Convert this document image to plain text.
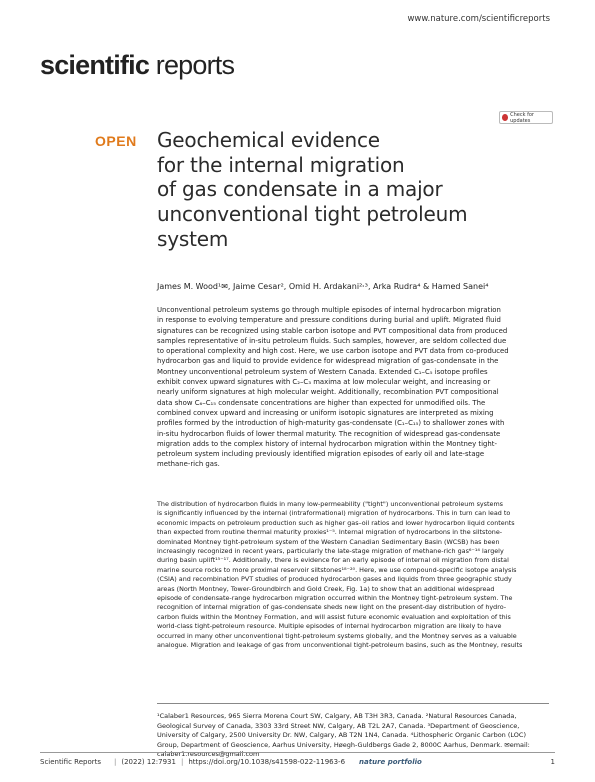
www.nature.com/scientificreports
scientific reports
Check for updates
OPEN Geochemical evidence
for the internal migration
of gas condensate in a major
unconventional tight petroleum
system
James M. Wood¹✉, Jaime Cesar², Omid H. Ardakani²˒³, Arka Rudra⁴ & Hamed Sanei⁴
Unconventional petroleum systems go through multiple episodes of internal hydrocarbon migration
in response to evolving temperature and pressure conditions during burial and uplift. Migrated fluid
signatures can be recognized using stable carbon isotope and PVT compositional data from produced
samples representative of in-situ petroleum fluids. Such samples, however, are seldom collected due
to operational complexity and high cost. Here, we use carbon isotope and PVT data from co-produced
hydrocarbon gas and liquid to provide evidence for widespread migration of gas-condensate in the
Montney unconventional petroleum system of Western Canada. Extended C₁–C₅ isotope profiles
exhibit convex upward signatures with C₂–C₃ maxima at low molecular weight, and increasing or
nearly uniform signatures at high molecular weight. Additionally, recombination PVT compositional
data show C₆–C₁₅ condensate concentrations are higher than expected for unmodified oils. The
combined convex upward and increasing or uniform isotopic signatures are interpreted as mixing
profiles formed by the introduction of high-maturity gas-condensate (C₁–C₁₅) to shallower zones with
in-situ hydrocarbon fluids of lower thermal maturity. The recognition of widespread gas-condensate
migration adds to the complex history of internal hydrocarbon migration within the Montney tight-
petroleum system including previously identified migration episodes of early oil and late-stage
methane-rich gas.
The distribution of hydrocarbon fluids in many low-permeability ("tight") unconventional petroleum systems
is significantly influenced by the internal (intraformational) migration of hydrocarbons. This in turn can lead to
economic impacts on petroleum production such as higher gas–oil ratios and lower hydrocarbon liquid contents
than expected from routine thermal maturity proxies¹⁻⁵. Internal migration of hydrocarbons in the siltstone-
dominated Montney tight-petroleum system of the Western Canadian Sedimentary Basin (WCSB) has been
increasingly recognized in recent years, particularly the late-stage migration of methane-rich gas⁶⁻¹⁴ largely
during basin uplift¹⁵⁻¹⁷. Additionally, there is evidence for an early episode of internal oil migration from distal
marine source rocks to more proximal reservoir siltstones¹⁸⁻²⁰. Here, we use compound-specific isotope analysis
(CSIA) and recombination PVT studies of produced hydrocarbon gases and liquids from three geographic study
areas (North Montney, Tower-Groundbirch and Gold Creek, Fig. 1a) to show that an additional widespread
episode of condensate-range hydrocarbon migration occurred within the Montney tight-petroleum system. The
recognition of internal migration of gas-condensate sheds new light on the present-day distribution of hydro-
carbon fluids within the Montney Formation, and will assist future economic evaluation and exploitation of this
world-class tight-petroleum resource. Multiple episodes of internal hydrocarbon migration are likely to have
occurred in many other unconventional tight-petroleum systems globally, and the Montney serves as a valuable
analogue. Migration and leakage of gas from unconventional tight-petroleum basins, such as the Montney, results
¹Calaber1 Resources, 965 Sierra Morena Court SW, Calgary, AB T3H 3R3, Canada. ²Natural Resources Canada,
Geological Survey of Canada, 3303 33rd Street NW, Calgary, AB T2L 2A7, Canada. ³Department of Geoscience,
University of Calgary, 2500 University Dr. NW, Calgary, AB T2N 1N4, Canada. ⁴Lithospheric Organic Carbon (LOC)
Group, Department of Geoscience, Aarhus University, Høegh-Guldbergs Gade 2, 8000C Aarhus, Denmark. ✉email:
calaber1.resources@gmail.com
Scientific Reports | (2022) 12:7931 | https://doi.org/10.1038/s41598-022-11963-6 nature portfolio	1
